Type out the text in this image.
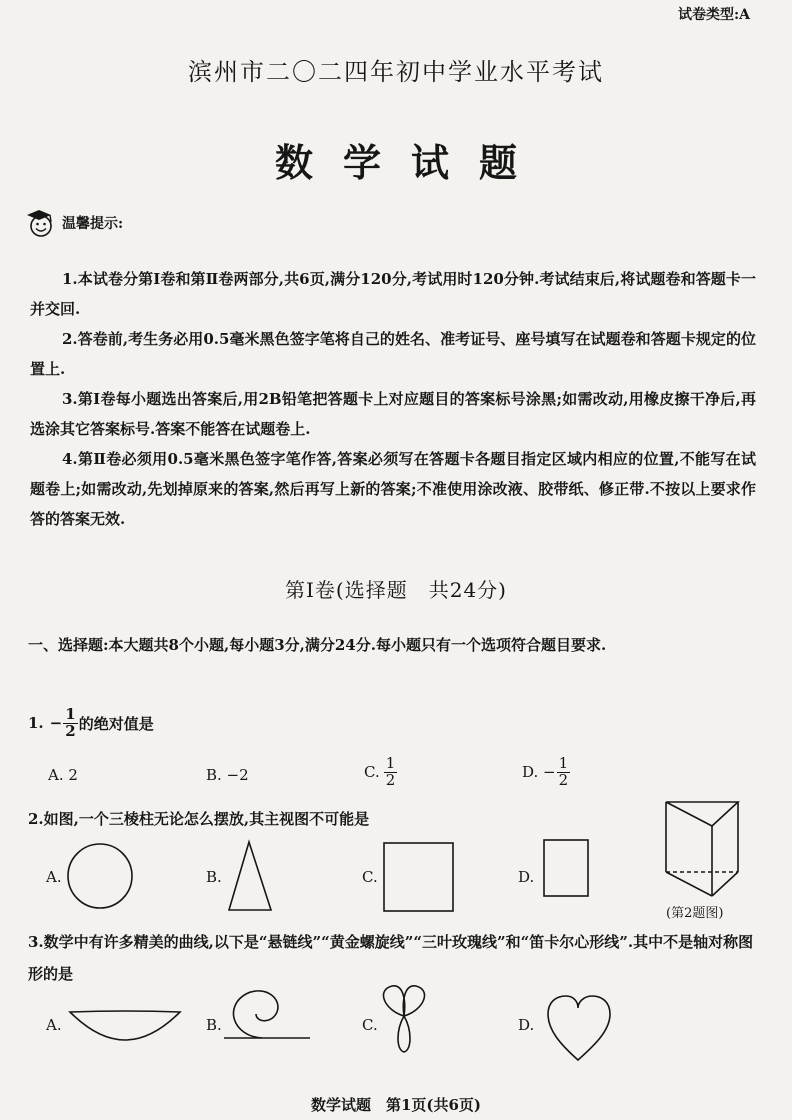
试卷类型:A
滨州市二〇二四年初中学业水平考试
数学试题
温馨提示:

1.本试卷分第Ⅰ卷和第Ⅱ卷两部分,共6页,满分120分,考试用时120分钟.考试结束后,将试题卷和答题卡一并交回.

2.答卷前,考生务必用0.5毫米黑色签字笔将自己的姓名、准考证号、座号填写在试题卷和答题卡规定的位置上.

3.第Ⅰ卷每小题选出答案后,用2B铅笔把答题卡上对应题目的答案标号涂黑;如需改动,用橡皮擦干净后,再选涂其它答案标号.答案不能答在试题卷上.

4.第Ⅱ卷必须用0.5毫米黑色签字笔作答,答案必须写在答题卡各题目指定区域内相应的位置,不能写在试题卷上;如需改动,先划掉原来的答案,然后再写上新的答案;不准使用涂改液、胶带纸、修正带.不按以上要求作答的答案无效.

第Ⅰ卷(选择题　共24分)
一、选择题:本大题共8个小题,每小题3分,满分24分.每小题只有一个选项符合题目要求.
1. − $\frac{1}{2}$ 的绝对值是
A. 2	B. −2	C. $\frac{1}{2}$	D. − $\frac{1}{2}$
2.如图,一个三棱柱无论怎么摆放,其主视图不可能是
A.	B.	C.	D.
(第2题图)
3.数学中有许多精美的曲线,以下是“悬链线”“黄金螺旋线”“三叶玫瑰线”和“笛卡尔心形线”.其中不是轴对称图形的是
A.	B.	C.	D.
数学试题　第1页(共6页)
